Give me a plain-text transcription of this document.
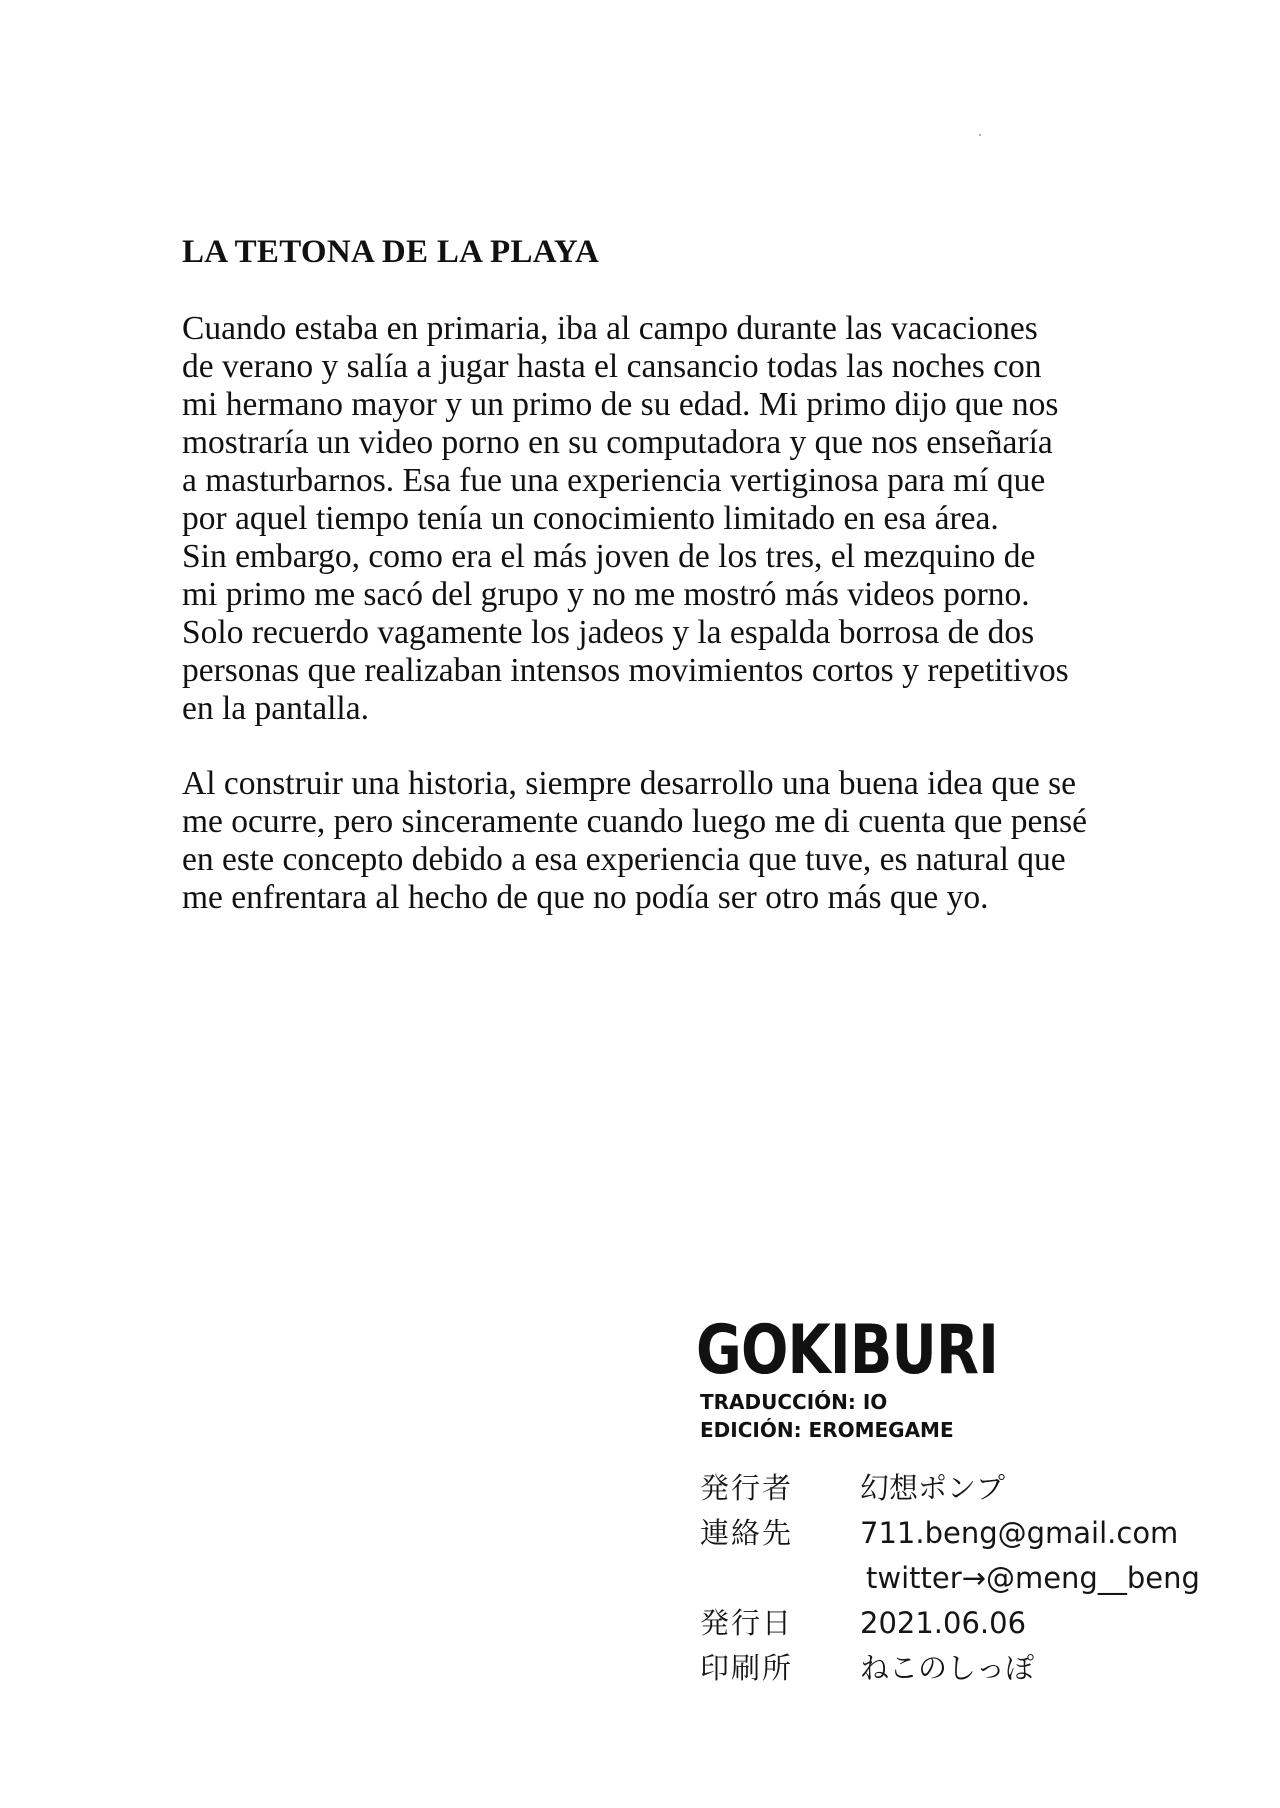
LA TETONA DE LA PLAYA
Cuando estaba en primaria, iba al campo durante las vacaciones
de verano y salía a jugar hasta el cansancio todas las noches con
mi hermano mayor y un primo de su edad. Mi primo dijo que nos
mostraría un video porno en su computadora y que nos enseñaría
a masturbarnos. Esa fue una experiencia vertiginosa para mí que
por aquel tiempo tenía un conocimiento limitado en esa área.
Sin embargo, como era el más joven de los tres, el mezquino de
mi primo me sacó del grupo y no me mostró más videos porno.
Solo recuerdo vagamente los jadeos y la espalda borrosa de dos
personas que realizaban intensos movimientos cortos y repetitivos
en la pantalla.
Al construir una historia, siempre desarrollo una buena idea que se
me ocurre, pero sinceramente cuando luego me di cuenta que pensé
en este concepto debido a esa experiencia que tuve, es natural que
me enfrentara al hecho de que no podía ser otro más que yo.
GOKIBURI
TRADUCCIÓN: IO
EDICIÓN: EROMEGAME
発行者 幻想ポンプ
連絡先 711.beng@gmail.com
twitter→@meng__beng
発行日 2021.06.06
印刷所 ねこのしっぽ
